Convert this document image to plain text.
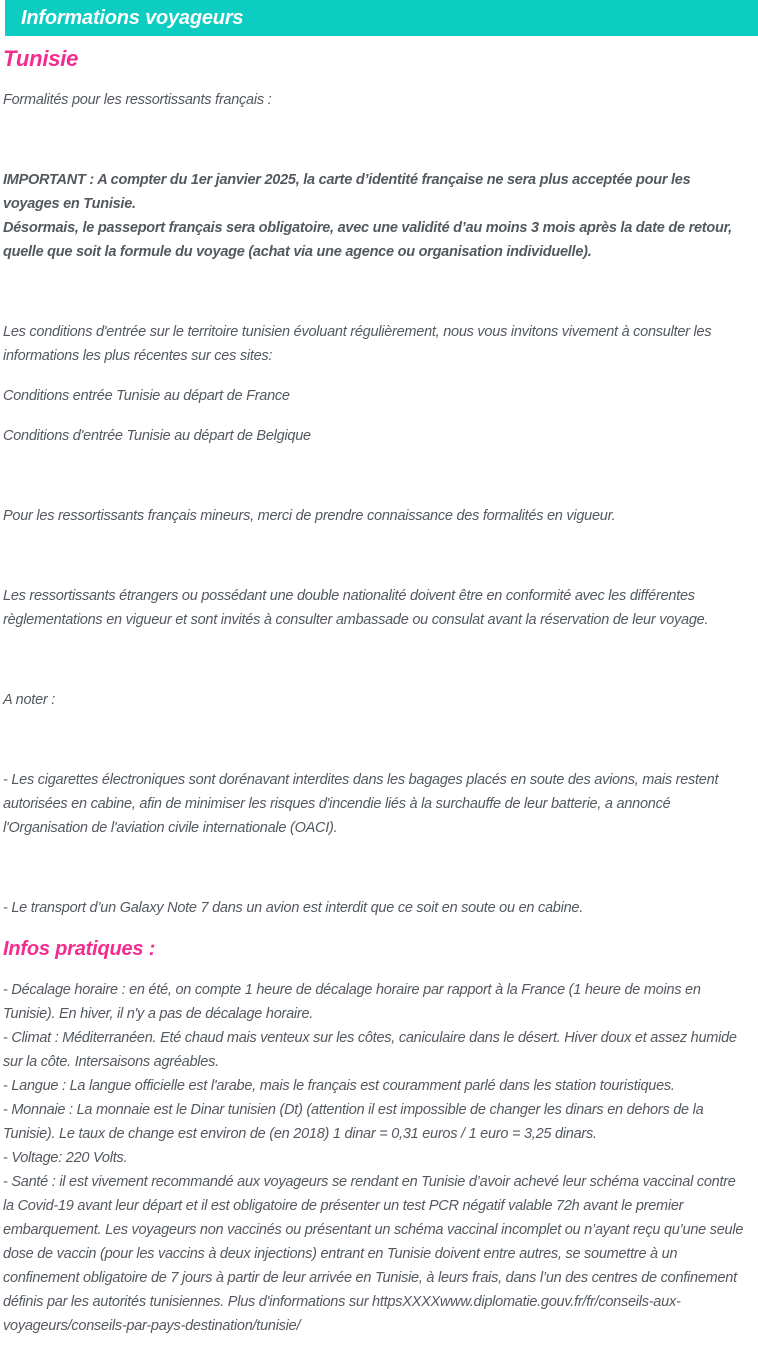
Informations voyageurs
Tunisie

Formalités pour les ressortissants français :

IMPORTANT : A compter du 1er janvier 2025, la carte d’identité française ne sera plus acceptée pour les voyages en Tunisie.
Désormais, le passeport français sera obligatoire, avec une validité d’au moins 3 mois après la date de retour, quelle que soit la formule du voyage (achat via une agence ou organisation individuelle).

Les conditions d'entrée sur le territoire tunisien évoluant régulièrement, nous vous invitons vivement à consulter les informations les plus récentes sur ces sites:

Conditions entrée Tunisie au départ de France

Conditions d'entrée Tunisie au départ de Belgique

Pour les ressortissants français mineurs, merci de prendre connaissance des formalités en vigueur.

Les ressortissants étrangers ou possédant une double nationalité doivent être en conformité avec les différentes règlementations en vigueur et sont invités à consulter ambassade ou consulat avant la réservation de leur voyage.

A noter :

- Les cigarettes électroniques sont dorénavant interdites dans les bagages placés en soute des avions, mais restent autorisées en cabine, afin de minimiser les risques d'incendie liés à la surchauffe de leur batterie, a annoncé l'Organisation de l'aviation civile internationale (OACI).

- Le transport d’un Galaxy Note 7 dans un avion est interdit que ce soit en soute ou en cabine.

Infos pratiques :
- Décalage horaire : en été, on compte 1 heure de décalage horaire par rapport à la France (1 heure de moins en Tunisie). En hiver, il n'y a pas de décalage horaire.
- Climat : Méditerranéen. Eté chaud mais venteux sur les côtes, caniculaire dans le désert. Hiver doux et assez humide sur la côte. Intersaisons agréables.
- Langue : La langue officielle est l'arabe, mais le français est couramment parlé dans les station touristiques.
- Monnaie : La monnaie est le Dinar tunisien (Dt) (attention il est impossible de changer les dinars en dehors de la Tunisie). Le taux de change est environ de (en 2018) 1 dinar = 0,31 euros / 1 euro = 3,25 dinars.
- Voltage: 220 Volts.
- Santé : il est vivement recommandé aux voyageurs se rendant en Tunisie d’avoir achevé leur schéma vaccinal contre la Covid-19 avant leur départ et il est obligatoire de présenter un test PCR négatif valable 72h avant le premier embarquement. Les voyageurs non vaccinés ou présentant un schéma vaccinal incomplet ou n’ayant reçu qu’une seule dose de vaccin (pour les vaccins à deux injections) entrant en Tunisie doivent entre autres, se soumettre à un confinement obligatoire de 7 jours à partir de leur arrivée en Tunisie, à leurs frais, dans l’un des centres de confinement définis par les autorités tunisiennes. Plus d'informations sur httpsXXXXwww.diplomatie.gouv.fr/fr/conseils-aux-voyageurs/conseils-par-pays-destination/tunisie/
